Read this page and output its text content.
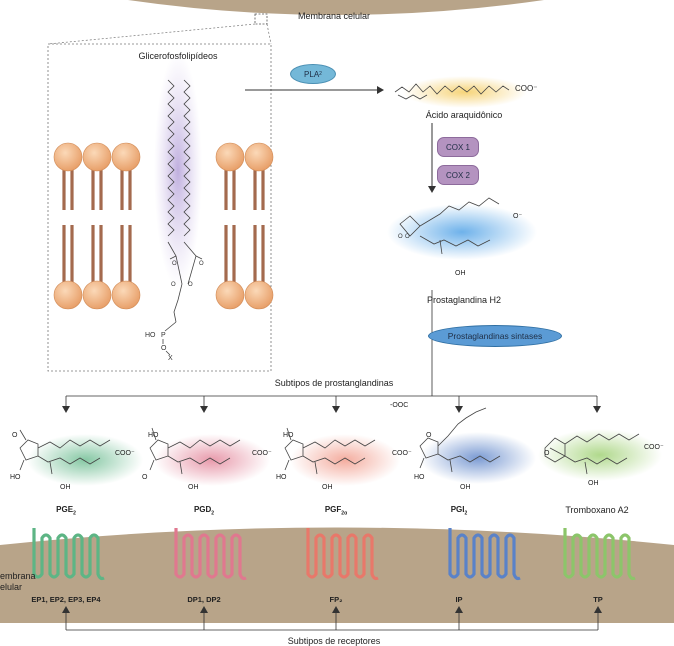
O	O
O O
HO P
O
X
COO⁻
O O
O⁻
OH
Membrana celular
Glicerofosfolipídeos
PLA 2
Ácido araquidônico
COX 1
COX 2
Prostaglandina H2
Prostaglandinas sintases
Subtipos de prostanglandinas
-OOC
COO⁻
O
HO
OH
COO⁻
HO
O
OH
COO⁻
HO
HO
OH
O
HO
OH
COO⁻
O
OH
$PGE_2$	$PGD_2$	$PGF_{2\alpha}$	$PGI_2$	Tromboxano A2
embrana
elular
EP1, EP2, EP3, EP4	DP1, DP2	FP₂	IP	TP
Subtipos de receptores
